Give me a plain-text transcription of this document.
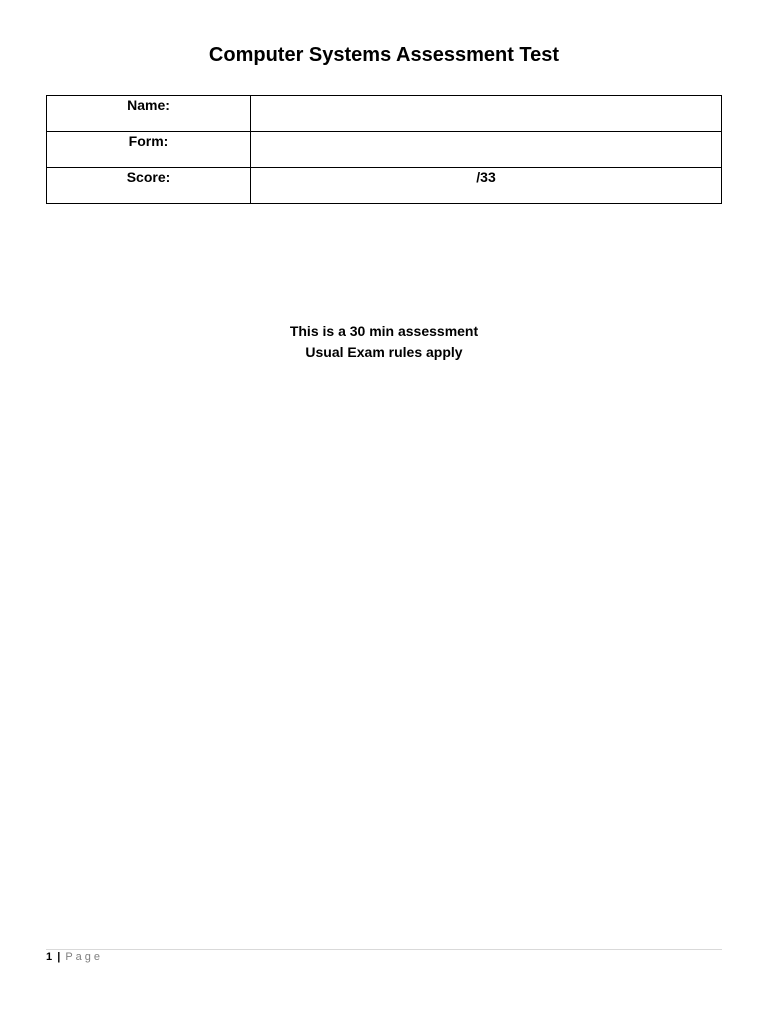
Computer Systems Assessment Test
Name:	
Form:	
Score:	/33
This is a 30 min assessment
Usual Exam rules apply
1 | Page
